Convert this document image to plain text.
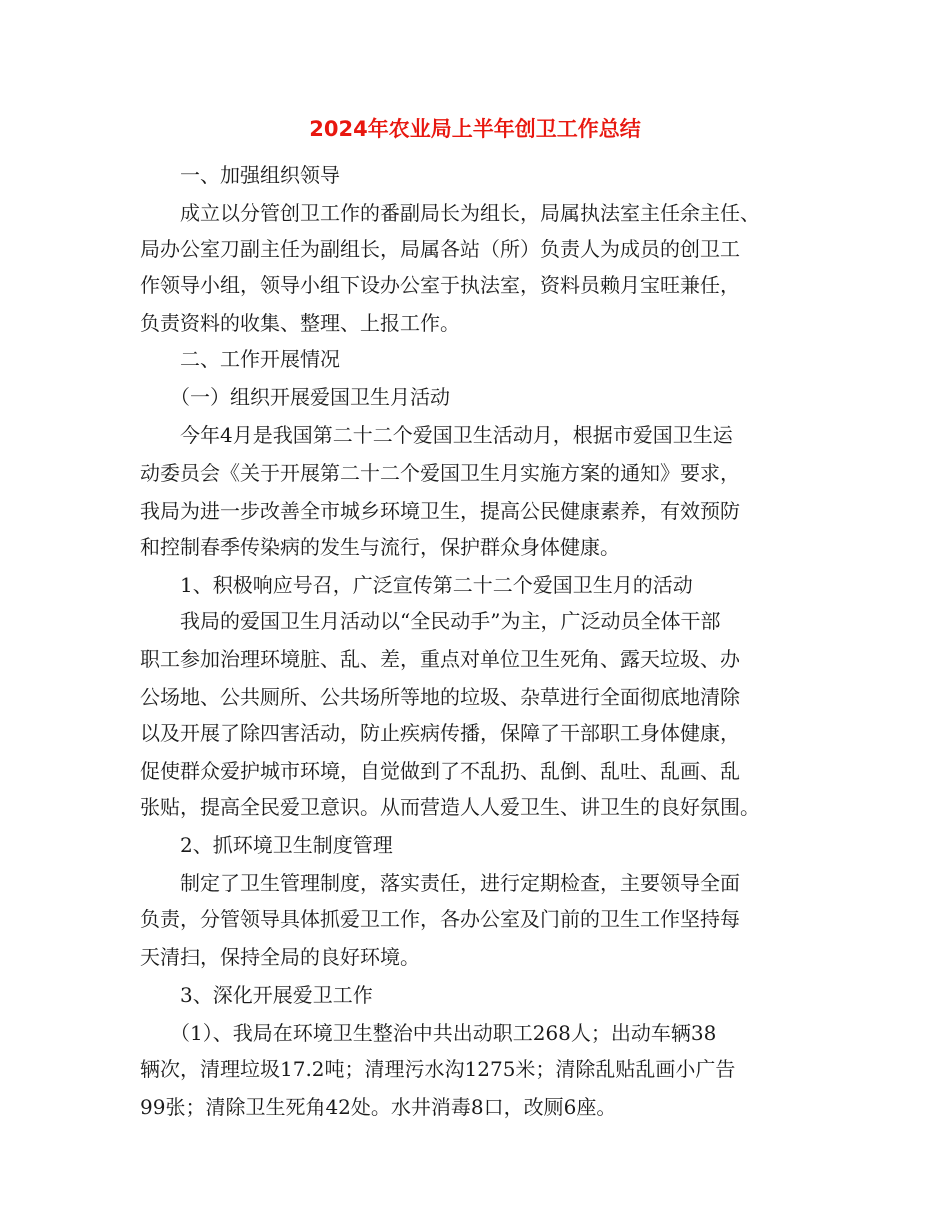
2024年农业局上半年创卫工作总结
　　一、加强组织领导
　　成立以分管创卫工作的番副局长为组长，局属执法室主任余主任、
局办公室刀副主任为副组长，局属各站（所）负责人为成员的创卫工
作领导小组，领导小组下设办公室于执法室，资料员赖月宝旺兼任，
负责资料的收集、整理、上报工作。
　　二、工作开展情况
　　（一）组织开展爱国卫生月活动
　　今年4月是我国第二十二个爱国卫生活动月，根据市爱国卫生运
动委员会《关于开展第二十二个爱国卫生月实施方案的通知》要求，
我局为进一步改善全市城乡环境卫生，提高公民健康素养，有效预防
和控制春季传染病的发生与流行，保护群众身体健康。
　　1、积极响应号召，广泛宣传第二十二个爱国卫生月的活动
　　我局的爱国卫生月活动以“全民动手”为主，广泛动员全体干部
职工参加治理环境脏、乱、差，重点对单位卫生死角、露天垃圾、办
公场地、公共厕所、公共场所等地的垃圾、杂草进行全面彻底地清除
以及开展了除四害活动，防止疾病传播，保障了干部职工身体健康，
促使群众爱护城市环境，自觉做到了不乱扔、乱倒、乱吐、乱画、乱
张贴，提高全民爱卫意识。从而营造人人爱卫生、讲卫生的良好氛围。
　　2、抓环境卫生制度管理
　　制定了卫生管理制度，落实责任，进行定期检查，主要领导全面
负责，分管领导具体抓爱卫工作，各办公室及门前的卫生工作坚持每
天清扫，保持全局的良好环境。
　　3、深化开展爱卫工作
　　（1）、我局在环境卫生整治中共出动职工268人；出动车辆38
辆次，清理垃圾17.2吨；清理污水沟1275米；清除乱贴乱画小广告
99张；清除卫生死角42处。水井消毒8口，改厕6座。
